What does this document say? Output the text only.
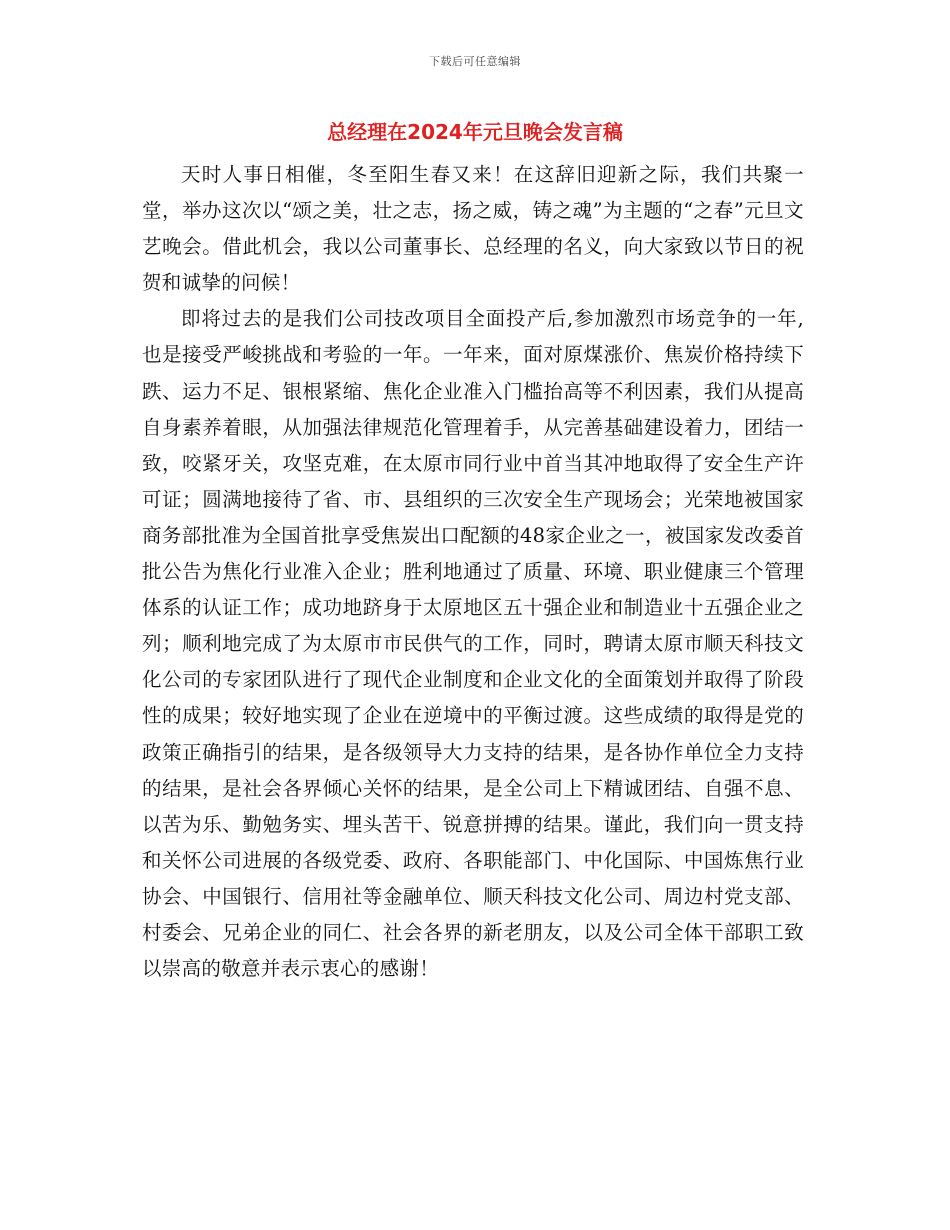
下载后可任意编辑
总经理在2024年元旦晚会发言稿

天时人事日相催，冬至阳生春又来！在这辞旧迎新之际，我们共聚一堂，举办这次以“颂之美，壮之志，扬之威，铸之魂”为主题的“之春”元旦文艺晚会。借此机会，我以公司董事长、总经理的名义，向大家致以节日的祝贺和诚挚的问候！

即将过去的是我们公司技改项目全面投产后,参加激烈市场竞争的一年,也是接受严峻挑战和考验的一年。一年来，面对原煤涨价、焦炭价格持续下跌、运力不足、银根紧缩、焦化企业准入门槛抬高等不利因素，我们从提高自身素养着眼，从加强法律规范化管理着手，从完善基础建设着力，团结一致，咬紧牙关，攻坚克难，在太原市同行业中首当其冲地取得了安全生产许可证；圆满地接待了省、市、县组织的三次安全生产现场会；光荣地被国家商务部批准为全国首批享受焦炭出口配额的48家企业之一，被国家发改委首批公告为焦化行业准入企业；胜利地通过了质量、环境、职业健康三个管理体系的认证工作；成功地跻身于太原地区五十强企业和制造业十五强企业之列；顺利地完成了为太原市市民供气的工作，同时，聘请太原市顺天科技文化公司的专家团队进行了现代企业制度和企业文化的全面策划并取得了阶段性的成果；较好地实现了企业在逆境中的平衡过渡。这些成绩的取得是党的政策正确指引的结果，是各级领导大力支持的结果，是各协作单位全力支持的结果，是社会各界倾心关怀的结果，是全公司上下精诚团结、自强不息、以苦为乐、勤勉务实、埋头苦干、锐意拼搏的结果。谨此，我们向一贯支持和关怀公司进展的各级党委、政府、各职能部门、中化国际、中国炼焦行业协会、中国银行、信用社等金融单位、顺天科技文化公司、周边村党支部、村委会、兄弟企业的同仁、社会各界的新老朋友，以及公司全体干部职工致以崇高的敬意并表示衷心的感谢！
